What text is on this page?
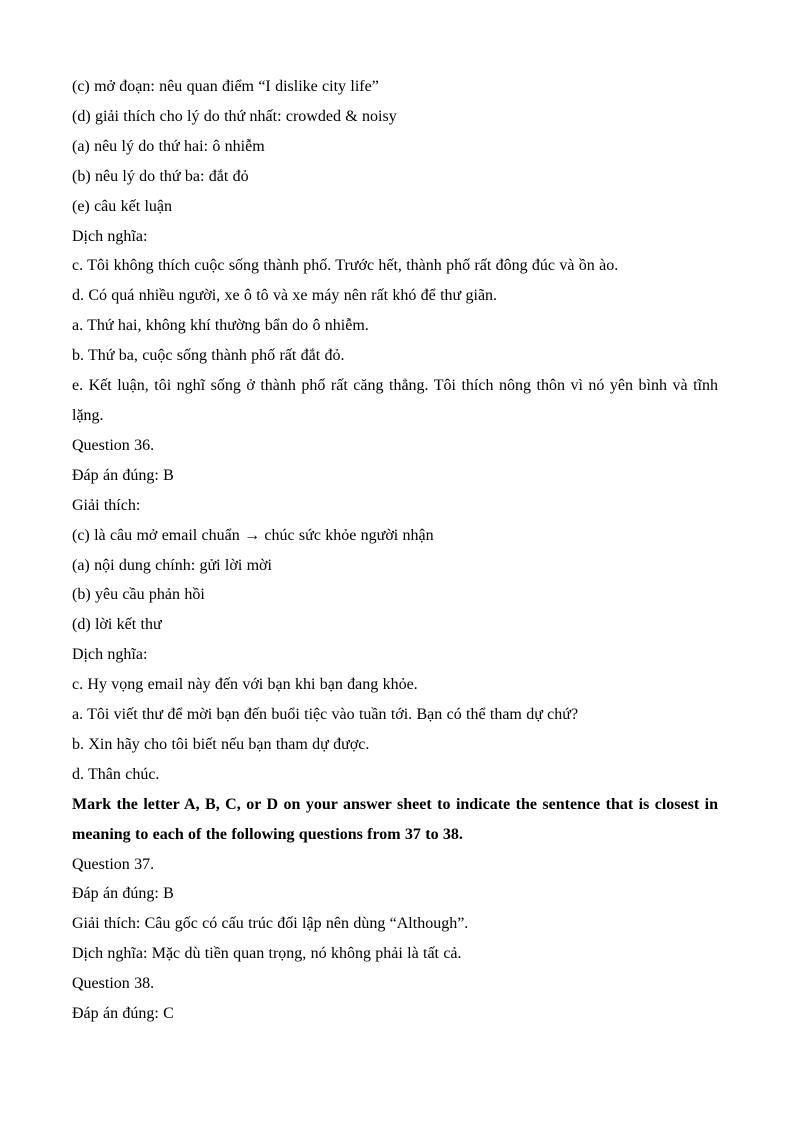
(c) mở đoạn: nêu quan điểm “I dislike city life”

(d) giải thích cho lý do thứ nhất: crowded & noisy

(a) nêu lý do thứ hai: ô nhiễm

(b) nêu lý do thứ ba: đắt đỏ

(e) câu kết luận

Dịch nghĩa:

c. Tôi không thích cuộc sống thành phố. Trước hết, thành phố rất đông đúc và ồn ào.

d. Có quá nhiều người, xe ô tô và xe máy nên rất khó để thư giãn.

a. Thứ hai, không khí thường bẩn do ô nhiễm.

b. Thứ ba, cuộc sống thành phố rất đắt đỏ.

e. Kết luận, tôi nghĩ sống ở thành phố rất căng thẳng. Tôi thích nông thôn vì nó yên bình và tĩnh lặng.

Question 36.

Đáp án đúng: B

Giải thích:

(c) là câu mở email chuẩn → chúc sức khỏe người nhận

(a) nội dung chính: gửi lời mời

(b) yêu cầu phản hồi

(d) lời kết thư

Dịch nghĩa:

c. Hy vọng email này đến với bạn khi bạn đang khỏe.

a. Tôi viết thư để mời bạn đến buổi tiệc vào tuần tới. Bạn có thể tham dự chứ?

b. Xin hãy cho tôi biết nếu bạn tham dự được.

d. Thân chúc.

Mark the letter A, B, C, or D on your answer sheet to indicate the sentence that is closest in meaning to each of the following questions from 37 to 38.

Question 37.

Đáp án đúng: B

Giải thích: Câu gốc có cấu trúc đối lập nên dùng “Although”.

Dịch nghĩa: Mặc dù tiền quan trọng, nó không phải là tất cả.

Question 38.

Đáp án đúng: C
